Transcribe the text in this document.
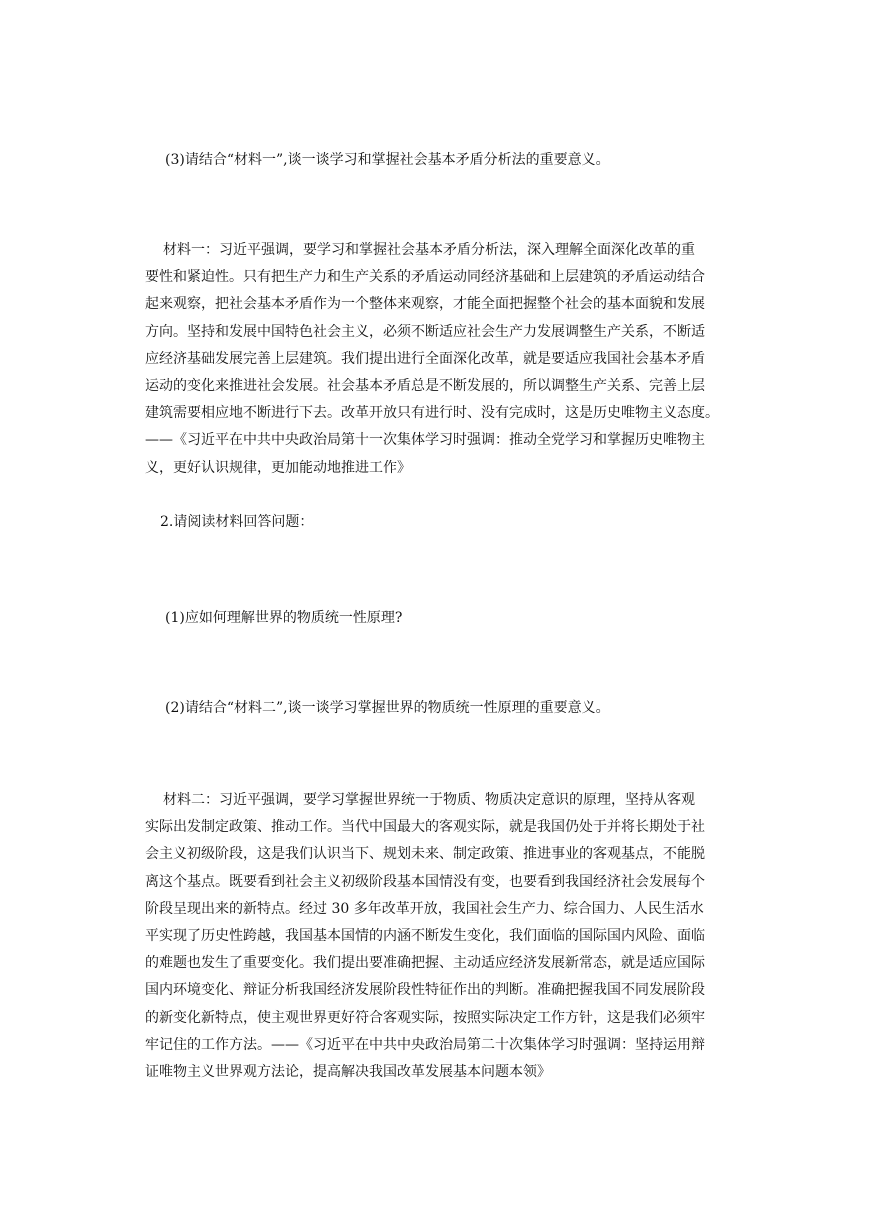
(3)请结合“材料一”,谈一谈学习和掌握社会基本矛盾分析法的重要意义。
材料一：习近平强调，要学习和掌握社会基本矛盾分析法，深入理解全面深化改革的重
要性和紧迫性。只有把生产力和生产关系的矛盾运动同经济基础和上层建筑的矛盾运动结合
起来观察，把社会基本矛盾作为一个整体来观察，才能全面把握整个社会的基本面貌和发展
方向。坚持和发展中国特色社会主义，必须不断适应社会生产力发展调整生产关系，不断适
应经济基础发展完善上层建筑。我们提出进行全面深化改革，就是要适应我国社会基本矛盾
运动的变化来推进社会发展。社会基本矛盾总是不断发展的，所以调整生产关系、完善上层
建筑需要相应地不断进行下去。改革开放只有进行时、没有完成时，这是历史唯物主义态度。
——《习近平在中共中央政治局第十一次集体学习时强调：推动全党学习和掌握历史唯物主
义，更好认识规律，更加能动地推进工作》
2.请阅读材料回答问题：
(1)应如何理解世界的物质统一性原理?
(2)请结合“材料二”,谈一谈学习掌握世界的物质统一性原理的重要意义。
材料二：习近平强调，要学习掌握世界统一于物质、物质决定意识的原理，坚持从客观
实际出发制定政策、推动工作。当代中国最大的客观实际，就是我国仍处于并将长期处于社
会主义初级阶段，这是我们认识当下、规划未来、制定政策、推进事业的客观基点，不能脱
离这个基点。既要看到社会主义初级阶段基本国情没有变，也要看到我国经济社会发展每个
阶段呈现出来的新特点。经过 30 多年改革开放，我国社会生产力、综合国力、人民生活水
平实现了历史性跨越，我国基本国情的内涵不断发生变化，我们面临的国际国内风险、面临
的难题也发生了重要变化。我们提出要准确把握、主动适应经济发展新常态，就是适应国际
国内环境变化、辩证分析我国经济发展阶段性特征作出的判断。准确把握我国不同发展阶段
的新变化新特点，使主观世界更好符合客观实际，按照实际决定工作方针，这是我们必须牢
牢记住的工作方法。——《习近平在中共中央政治局第二十次集体学习时强调：坚持运用辩
证唯物主义世界观方法论，提高解决我国改革发展基本问题本领》
